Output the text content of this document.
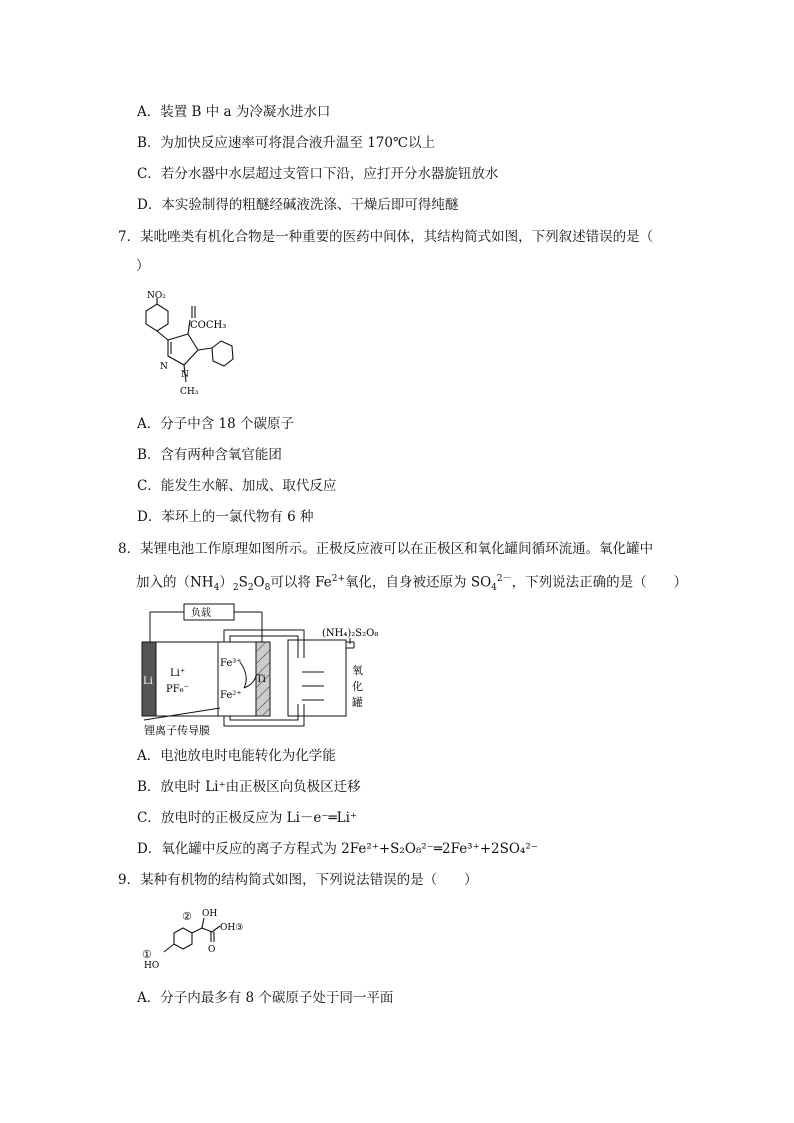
A．装置 B 中 a 为冷凝水进水口
B．为加快反应速率可将混合液升温至 170℃以上
C．若分水器中水层超过支管口下沿，应打开分水器旋钮放水
D．本实验制得的粗醚经碱液洗涤、干燥后即可得纯醚
7．某吡唑类有机化合物是一种重要的医药中间体，其结构简式如图，下列叙述错误的是（
）
NO₂
COCH₃
N
N
CH₃
A．分子中含 18 个碳原子
B．含有两种含氧官能团
C．能发生水解、加成、取代反应
D．苯环上的一氯代物有 6 种
8．某锂电池工作原理如图所示。正极反应液可以在正极区和氧化罐间循环流通。氧化罐中
加入的$(NH_4)_2S_2O_8$可以将 $Fe^{2+}$氧化，自身被还原为 $SO_4^{2-}$，下列说法正确的是（　　）
负载
Li
Li⁺
PF₆⁻
Fe³⁺
Fe²⁺
Ti
(NH₄)₂S₂O₈
氧
化
罐
锂离子传导膜
A．电池放电时电能转化为化学能
B．放电时 Li⁺由正极区向负极区迁移
C．放电时的正极反应为 Li－e⁻═Li⁺
D．氧化罐中反应的离子方程式为 2Fe²⁺+S₂O₈²⁻═2Fe³⁺+2SO₄²⁻
9．某种有机物的结构简式如图，下列说法错误的是（　　）
② OH
①
HO
O
OH③
A．分子内最多有 8 个碳原子处于同一平面
